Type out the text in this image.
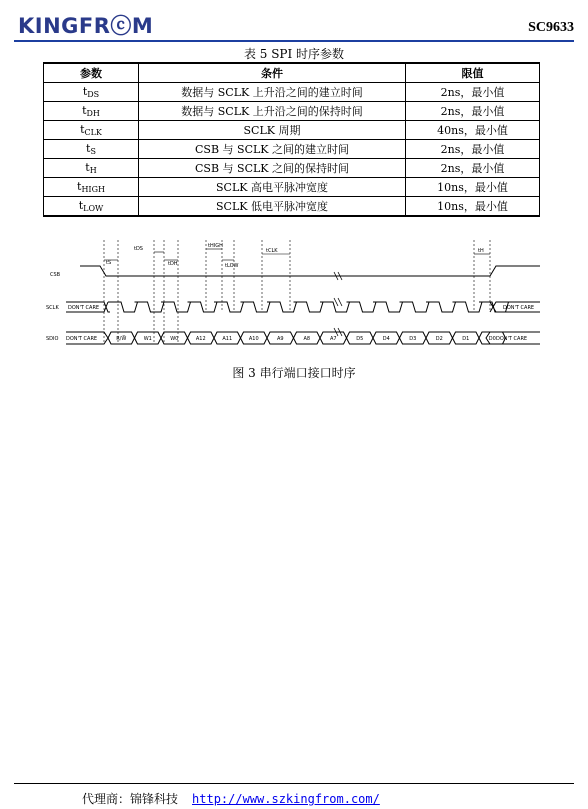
KINGFRⓒM	SC9633
表 5 SPI 时序参数
参数	条件	限值
$t_{DS}$	数据与 SCLK 上升沿之间的建立时间	2ns，最小值
$t_{DH}$	数据与 SCLK 上升沿之间的保持时间	2ns，最小值
$t_{CLK}$	SCLK 周期	40ns，最小值
$t_S$	CSB 与 SCLK 之间的建立时间	2ns，最小值
$t_H$	CSB 与 SCLK 之间的保持时间	2ns，最小值
$t_{HIGH}$	SCLK 高电平脉冲宽度	10ns，最小值
$t_{LOW}$	SCLK 低电平脉冲宽度	10ns，最小值
CSB
SCLK
SDIO
DON'T CARE	DON'T CARE
DON'T CARE	DON'T CARE
R/W̅	W1	W0	A12	A11	A10	A9	A8	A7	D5	D4	D3	D2	D1	D0
tS
tDS
tDH
tHIGH
tLOW
tCLK	tH
图 3 串行端口接口时序
代理商：锦锋科技 http://www.szkingfrom.com/
